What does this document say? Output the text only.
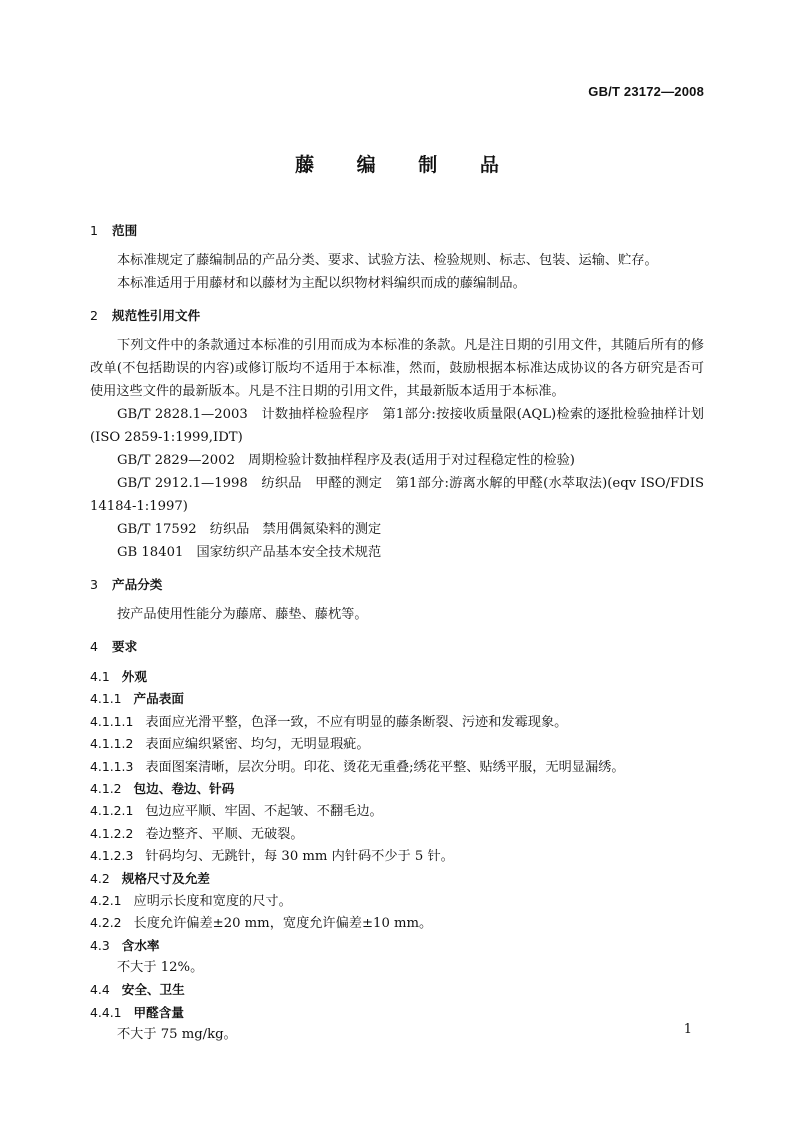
GB/T 23172—2008
藤 编 制 品
1 范围

本标准规定了藤编制品的产品分类、要求、试验方法、检验规则、标志、包装、运输、贮存。

本标准适用于用藤材和以藤材为主配以织物材料编织而成的藤编制品。

2 规范性引用文件

下列文件中的条款通过本标准的引用而成为本标准的条款。凡是注日期的引用文件，其随后所有的修改单(不包括勘误的内容)或修订版均不适用于本标准，然而，鼓励根据本标准达成协议的各方研究是否可使用这些文件的最新版本。凡是不注日期的引用文件，其最新版本适用于本标准。

GB/T 2828.1—2003　计数抽样检验程序　第1部分:按接收质量限(AQL)检索的逐批检验抽样计划(ISO 2859-1:1999,IDT)

GB/T 2829—2002　周期检验计数抽样程序及表(适用于对过程稳定性的检验)

GB/T 2912.1—1998　纺织品　甲醛的测定　第1部分:游离水解的甲醛(水萃取法)(eqv ISO/FDIS 14184-1:1997)

GB/T 17592　纺织品　禁用偶氮染料的测定

GB 18401　国家纺织产品基本安全技术规范

3 产品分类

按产品使用性能分为藤席、藤垫、藤枕等。

4 要求

4.1 外观

4.1.1 产品表面

4.1.1.1 表面应光滑平整，色泽一致，不应有明显的藤条断裂、污迹和发霉现象。

4.1.1.2 表面应编织紧密、均匀，无明显瑕疵。

4.1.1.3 表面图案清晰，层次分明。印花、烫花无重叠;绣花平整、贴绣平服，无明显漏绣。

4.1.2 包边、卷边、针码

4.1.2.1 包边应平顺、牢固、不起皱、不翻毛边。

4.1.2.2 卷边整齐、平顺、无破裂。

4.1.2.3 针码均匀、无跳针，每 30 mm 内针码不少于 5 针。

4.2 规格尺寸及允差

4.2.1 应明示长度和宽度的尺寸。

4.2.2 长度允许偏差±20 mm，宽度允许偏差±10 mm。

4.3 含水率

不大于 12%。

4.4 安全、卫生

4.4.1 甲醛含量

不大于 75 mg/kg。	1
